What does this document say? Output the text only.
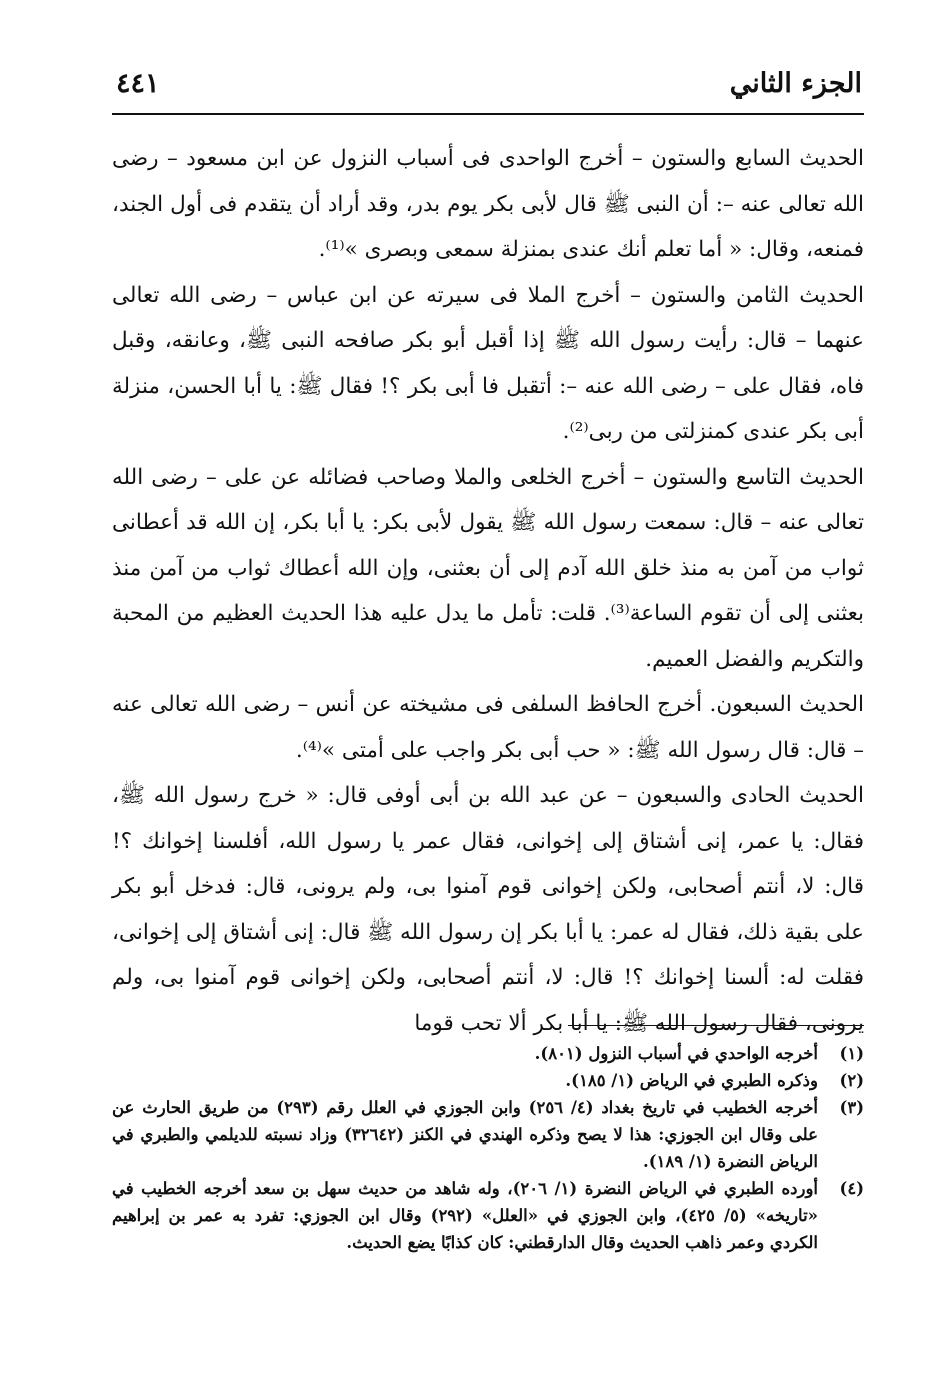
الجزء الثاني
٤٤١

الحديث السابع والستون – أخرج الواحدى فى أسباب النزول عن ابن مسعود – رضى الله تعالى عنه –: أن النبى ﷺ قال لأبى بكر يوم بدر، وقد أراد أن يتقدم فى أول الجند، فمنعه، وقال: « أما تعلم أنك عندى بمنزلة سمعى وبصرى »⁽¹⁾.

الحديث الثامن والستون – أخرج الملا فى سيرته عن ابن عباس – رضى الله تعالى عنهما – قال: رأيت رسول الله ﷺ إذا أقبل أبو بكر صافحه النبى ﷺ، وعانقه، وقبل فاه، فقال على – رضى الله عنه –: أتقبل فا أبى بكر ؟! فقال ﷺ: يا أبا الحسن، منزلة أبى بكر عندى كمنزلتى من ربى⁽²⁾.

الحديث التاسع والستون – أخرج الخلعى والملا وصاحب فضائله عن على – رضى الله تعالى عنه – قال: سمعت رسول الله ﷺ يقول لأبى بكر: يا أبا بكر، إن الله قد أعطانى ثواب من آمن به منذ خلق الله آدم إلى أن بعثنى، وإن الله أعطاك ثواب من آمن منذ بعثنى إلى أن تقوم الساعة⁽³⁾. قلت: تأمل ما يدل عليه هذا الحديث العظيم من المحبة والتكريم والفضل العميم.

الحديث السبعون. أخرج الحافظ السلفى فى مشيخته عن أنس – رضى الله تعالى عنه – قال: قال رسول الله ﷺ: « حب أبى بكر واجب على أمتى »⁽⁴⁾.

الحديث الحادى والسبعون – عن عبد الله بن أبى أوفى قال: « خرج رسول الله ﷺ، فقال: يا عمر، إنى أشتاق إلى إخوانى، فقال عمر يا رسول الله، أفلسنا إخوانك ؟! قال: لا، أنتم أصحابى، ولكن إخوانى قوم آمنوا بى، ولم يرونى، قال: فدخل أبو بكر على بقية ذلك، فقال له عمر: يا أبا بكر إن رسول الله ﷺ قال: إنى أشتاق إلى إخوانى، فقلت له: ألسنا إخوانك ؟! قال: لا، أنتم أصحابى، ولكن إخوانى قوم آمنوا بى، ولم يرونى، فقال رسول الله ﷺ: يا أبا بكر ألا تحب قوما

(١)
أخرجه الواحدي في أسباب النزول (٨٠١).
(٢)
وذكره الطبري في الرياض (١/ ١٨٥).
(٣)
أخرجه الخطيب في تاريخ بغداد (٤/ ٢٥٦) وابن الجوزي في العلل رقم (٢٩٣) من طريق الحارث عن على وقال ابن الجوزي: هذا لا يصح وذكره الهندي في الكنز (٣٢٦٤٢) وزاد نسبته للديلمي والطبري في الرياض النضرة (١/ ١٨٩).
(٤)
أورده الطبري في الرياض النضرة (١/ ٢٠٦)، وله شاهد من حديث سهل بن سعد أخرجه الخطيب في «تاريخه» (٥/ ٤٢٥)، وابن الجوزي في «العلل» (٢٩٢) وقال ابن الجوزي: تفرد به عمر بن إبراهيم الكردي وعمر ذاهب الحديث وقال الدارقطني: كان كذابًا يضع الحديث.
